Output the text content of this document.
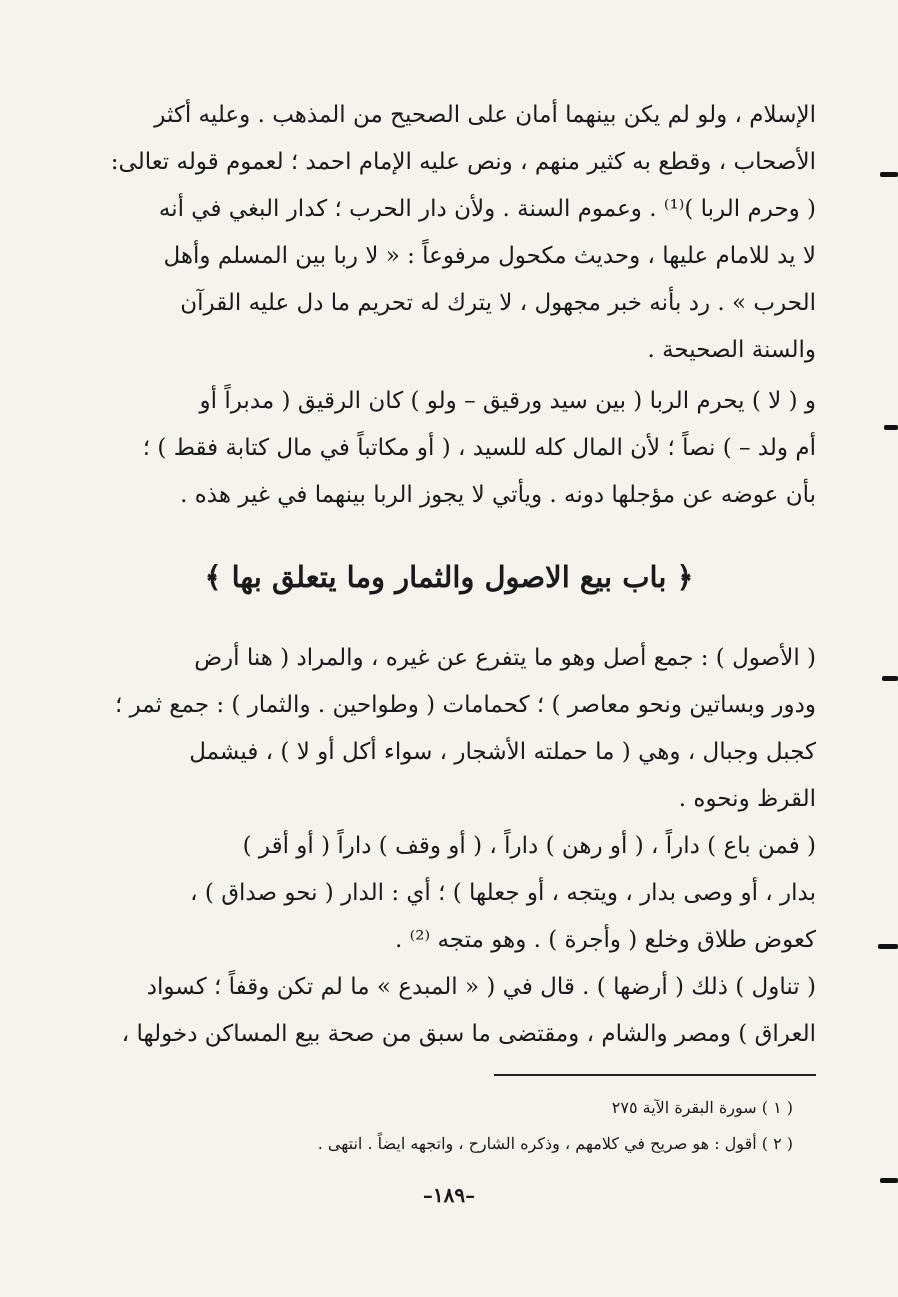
الإسلام ، ولو لم يكن بينهما أمان على الصحيح من المذهب . وعليه أكثر
الأصحاب ، وقطع به كثير منهم ، ونص عليه الإمام احمد ؛ لعموم قوله تعالى:
( وحرم الربا )⁽¹⁾ . وعموم السنة . ولأن دار الحرب ؛ كدار البغي في أنه
لا يد للامام عليها ، وحديث مكحول مرفوعاً : « لا ربا بين المسلم وأهل
الحرب » . رد بأنه خبر مجهول ، لا يترك له تحريم ما دل عليه القرآن
والسنة الصحيحة .
و ( لا ) يحرم الربا ( بين سيد ورقيق – ولو ) كان الرقيق ( مدبراً أو
أم ولد – ) نصاً ؛ لأن المال كله للسيد ، ( أو مكاتباً في مال كتابة فقط ) ؛
بأن عوضه عن مؤجلها دونه . ويأتي لا يجوز الربا بينهما في غير هذه .
﴿ باب بيع الاصول والثمار وما يتعلق بها ﴾
( الأصول ) : جمع أصل وهو ما يتفرع عن غيره ، والمراد ( هنا أرض
ودور وبساتين ونحو معاصر ) ؛ كحمامات ( وطواحين . والثمار ) : جمع ثمر ؛
كجبل وجبال ، وهي ( ما حملته الأشجار ، سواء أكل أو لا ) ، فيشمل
القرظ ونحوه .
( فمن باع ) داراً ، ( أو رهن ) داراً ، ( أو وقف ) داراً ( أو أقر )
بدار ، أو وصى بدار ، ويتجه ، أو جعلها ) ؛ أي : الدار ( نحو صداق ) ،
كعوض طلاق وخلع ( وأجرة ) . وهو متجه ⁽²⁾ .
( تناول ) ذلك ( أرضها ) . قال في ( « المبدع » ما لم تكن وقفاً ؛ كسواد
العراق ) ومصر والشام ، ومقتضى ما سبق من صحة بيع المساكن دخولها ،
( ١ ) سورة البقرة الآية ٢٧٥
( ٢ ) أقول : هو صريح في كلامهم ، وذكره الشارح ، واتجهه ايضاً . انتهى .
–١٨٩–
